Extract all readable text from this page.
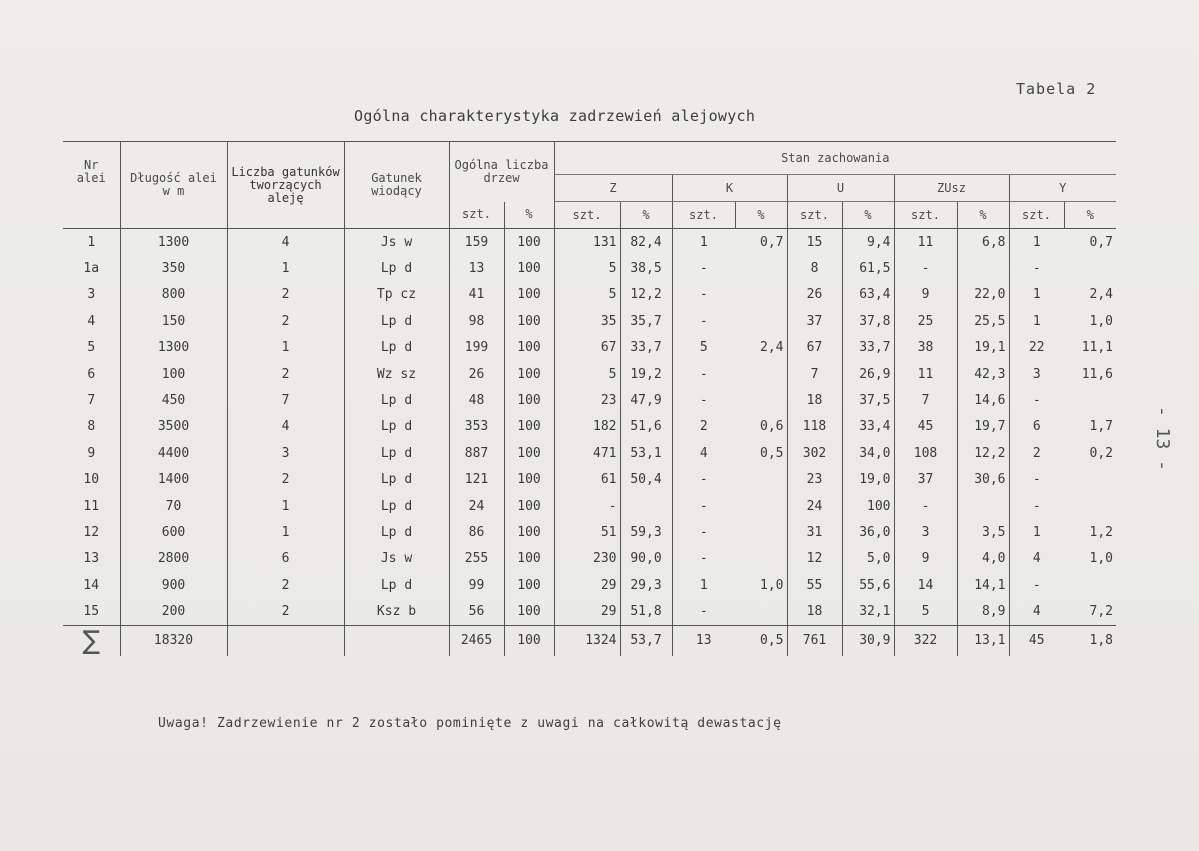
Tabela 2
Ogólna charakterystyka zadrzewień alejowych
Nr alei	Długość alei w m	Liczba gatunków tworzących aleję	Gatunek wiodący	Ogólna liczba drzew		Stan zachowania									
						Z		K		U		ZUsz		Y	
				szt.	%	szt.	%	szt.	%	szt.	%	szt.	%	szt.	%
1	1300	4	Js w	159	100	131	82,4	1	0,7	15	9,4	11	6,8	1	0,7
1a	350	1	Lp d	13	100	5	38,5	-		8	61,5	-		-	
3	800	2	Tp cz	41	100	5	12,2	-		26	63,4	9	22,0	1	2,4
4	150	2	Lp d	98	100	35	35,7	-		37	37,8	25	25,5	1	1,0
5	1300	1	Lp d	199	100	67	33,7	5	2,4	67	33,7	38	19,1	22	11,1
6	100	2	Wz sz	26	100	5	19,2	-		7	26,9	11	42,3	3	11,6
7	450	7	Lp d	48	100	23	47,9	-		18	37,5	7	14,6	-	
8	3500	4	Lp d	353	100	182	51,6	2	0,6	118	33,4	45	19,7	6	1,7
9	4400	3	Lp d	887	100	471	53,1	4	0,5	302	34,0	108	12,2	2	0,2
10	1400	2	Lp d	121	100	61	50,4	-		23	19,0	37	30,6	-	
11	70	1	Lp d	24	100	-		-		24	100	-		-	
12	600	1	Lp d	86	100	51	59,3	-		31	36,0	3	3,5	1	1,2
13	2800	6	Js w	255	100	230	90,0	-		12	5,0	9	4,0	4	1,0
14	900	2	Lp d	99	100	29	29,3	1	1,0	55	55,6	14	14,1	-	
15	200	2	Ksz b	56	100	29	51,8	-		18	32,1	5	8,9	4	7,2
∑	18320			2465	100	1324	53,7	13	0,5	761	30,9	322	13,1	45	1,8
Uwaga! Zadrzewienie nr 2 zostało pominięte z uwagi na całkowitą dewastację
- 13 -
